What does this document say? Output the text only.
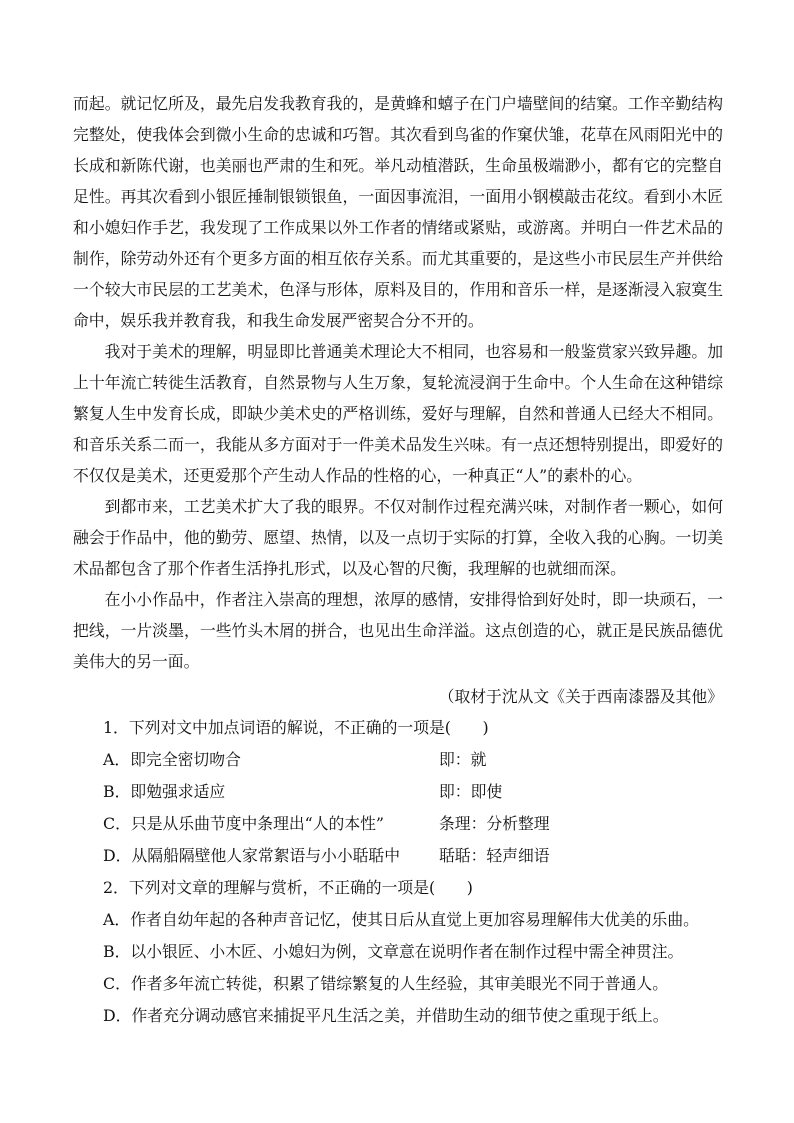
而起。就记忆所及，最先启发我教育我的，是黄蜂和蟢子在门户墙壁间的结窠。工作辛勤结构完整处，使我体会到微小生命的忠诚和巧智。其次看到鸟雀的作窠伏雏，花草在风雨阳光中的长成和新陈代谢，也美丽也严肃的生和死。举凡动植潜跃，生命虽极端渺小，都有它的完整自足性。再其次看到小银匠捶制银锁银鱼，一面因事流泪，一面用小钢模敲击花纹。看到小木匠和小媳妇作手艺，我发现了工作成果以外工作者的情绪或紧贴，或游离。并明白一件艺术品的制作，除劳动外还有个更多方面的相互依存关系。而尤其重要的，是这些小市民层生产并供给一个较大市民层的工艺美术，色泽与形体，原料及目的，作用和音乐一样，是逐渐浸入寂寞生命中，娱乐我并教育我，和我生命发展严密契合分不开的。

我对于美术的理解，明显即比普通美术理论大不相同，也容易和一般鉴赏家兴致异趣。加上十年流亡转徙生活教育，自然景物与人生万象，复轮流浸润于生命中。个人生命在这种错综繁复人生中发育长成，即缺少美术史的严格训练，爱好与理解，自然和普通人已经大不相同。和音乐关系二而一，我能从多方面对于一件美术品发生兴味。有一点还想特别提出，即爱好的不仅仅是美术，还更爱那个产生动人作品的性格的心，一种真正“人”的素朴的心。

到都市来，工艺美术扩大了我的眼界。不仅对制作过程充满兴味，对制作者一颗心，如何融会于作品中，他的勤劳、愿望、热情，以及一点切于实际的打算，全收入我的心胸。一切美术品都包含了那个作者生活挣扎形式，以及心智的尺衡，我理解的也就细而深。

在小小作品中，作者注入崇高的理想，浓厚的感情，安排得恰到好处时，即一块顽石，一把线，一片淡墨，一些竹头木屑的拼合，也见出生命洋溢。这点创造的心，就正是民族品德优美伟大的另一面。

（取材于沈从文《关于西南漆器及其他》

1．下列对文中加点词语的解说，不正确的一项是(　　)

A．即完全密切吻合	即：就
B．即勉强求适应	即：即使
C．只是从乐曲节度中条理出“人的本性”	条理：分析整理
D．从隔船隔壁他人家常絮语与小小聒聒中	聒聒：轻声细语

2．下列对文章的理解与赏析，不正确的一项是(　　)

A．作者自幼年起的各种声音记忆，使其日后从直觉上更加容易理解伟大优美的乐曲。
B．以小银匠、小木匠、小媳妇为例，文章意在说明作者在制作过程中需全神贯注。
C．作者多年流亡转徙，积累了错综繁复的人生经验，其审美眼光不同于普通人。
D．作者充分调动感官来捕捉平凡生活之美，并借助生动的细节使之重现于纸上。
